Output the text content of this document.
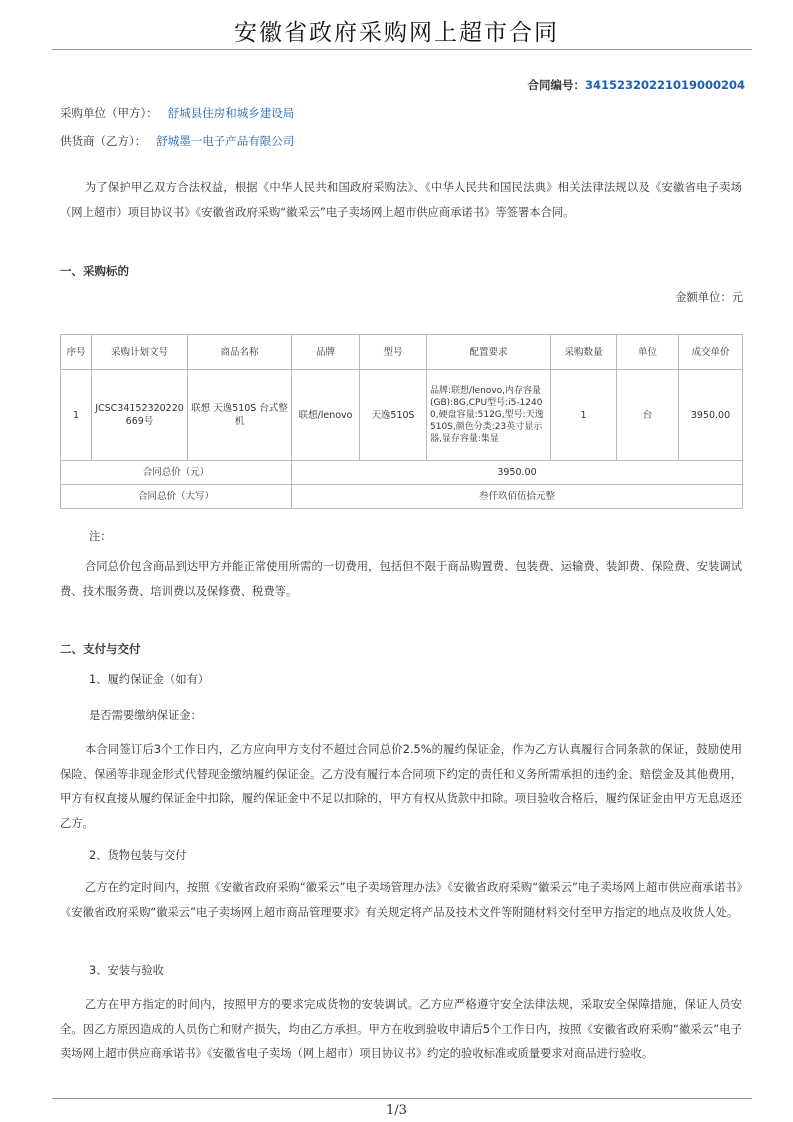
安徽省政府采购网上超市合同
合同编号：34152320221019000204
采购单位（甲方）： 舒城县住房和城乡建设局
供货商（乙方）： 舒城墨一电子产品有限公司
为了保护甲乙双方合法权益，根据《中华人民共和国政府采购法》、《中华人民共和国民法典》相关法律法规以及《安徽省电子卖场（网上超市）项目协议书》《安徽省政府采购“徽采云”电子卖场网上超市供应商承诺书》等签署本合同。
一、采购标的
金额单位：元
序号	采购计划文号	商品名称	品牌	型号	配置要求	采购数量	单位	成交单价
1	JCSC34152320220669号	联想 天逸510S 台式整机	联想/lenovo	天逸510S	品牌:联想/lenovo,内存容量(GB):8G,CPU型号:i5-12400,硬盘容量:512G,型号:天逸510S,颜色分类:23英寸显示器,显存容量:集显	1	台	3950.00
合同总价（元）			3950.00					
合同总价（大写）			叁仟玖佰伍拾元整					
注：
合同总价包含商品到达甲方并能正常使用所需的一切费用，包括但不限于商品购置费、包装费、运输费、装卸费、保险费、安装调试费、技术服务费、培训费以及保修费、税费等。
二、支付与交付
1、履约保证金（如有）
是否需要缴纳保证金：
本合同签订后3个工作日内，乙方应向甲方支付不超过合同总价2.5%的履约保证金，作为乙方认真履行合同条款的保证，鼓励使用保险、保函等非现金形式代替现金缴纳履约保证金。乙方没有履行本合同项下约定的责任和义务所需承担的违约金、赔偿金及其他费用，甲方有权直接从履约保证金中扣除，履约保证金中不足以扣除的，甲方有权从货款中扣除。项目验收合格后，履约保证金由甲方无息返还乙方。
2、货物包装与交付
乙方在约定时间内，按照《安徽省政府采购“徽采云”电子卖场管理办法》《安徽省政府采购“徽采云”电子卖场网上超市供应商承诺书》《安徽省政府采购“徽采云”电子卖场网上超市商品管理要求》有关规定将产品及技术文件等附随材料交付至甲方指定的地点及收货人处。
3、安装与验收
乙方在甲方指定的时间内，按照甲方的要求完成货物的安装调试。乙方应严格遵守安全法律法规，采取安全保障措施，保证人员安全。因乙方原因造成的人员伤亡和财产损失，均由乙方承担。甲方在收到验收申请后5个工作日内，按照《安徽省政府采购“徽采云”电子卖场网上超市供应商承诺书》《安徽省电子卖场（网上超市）项目协议书》约定的验收标准或质量要求对商品进行验收。
1/3
